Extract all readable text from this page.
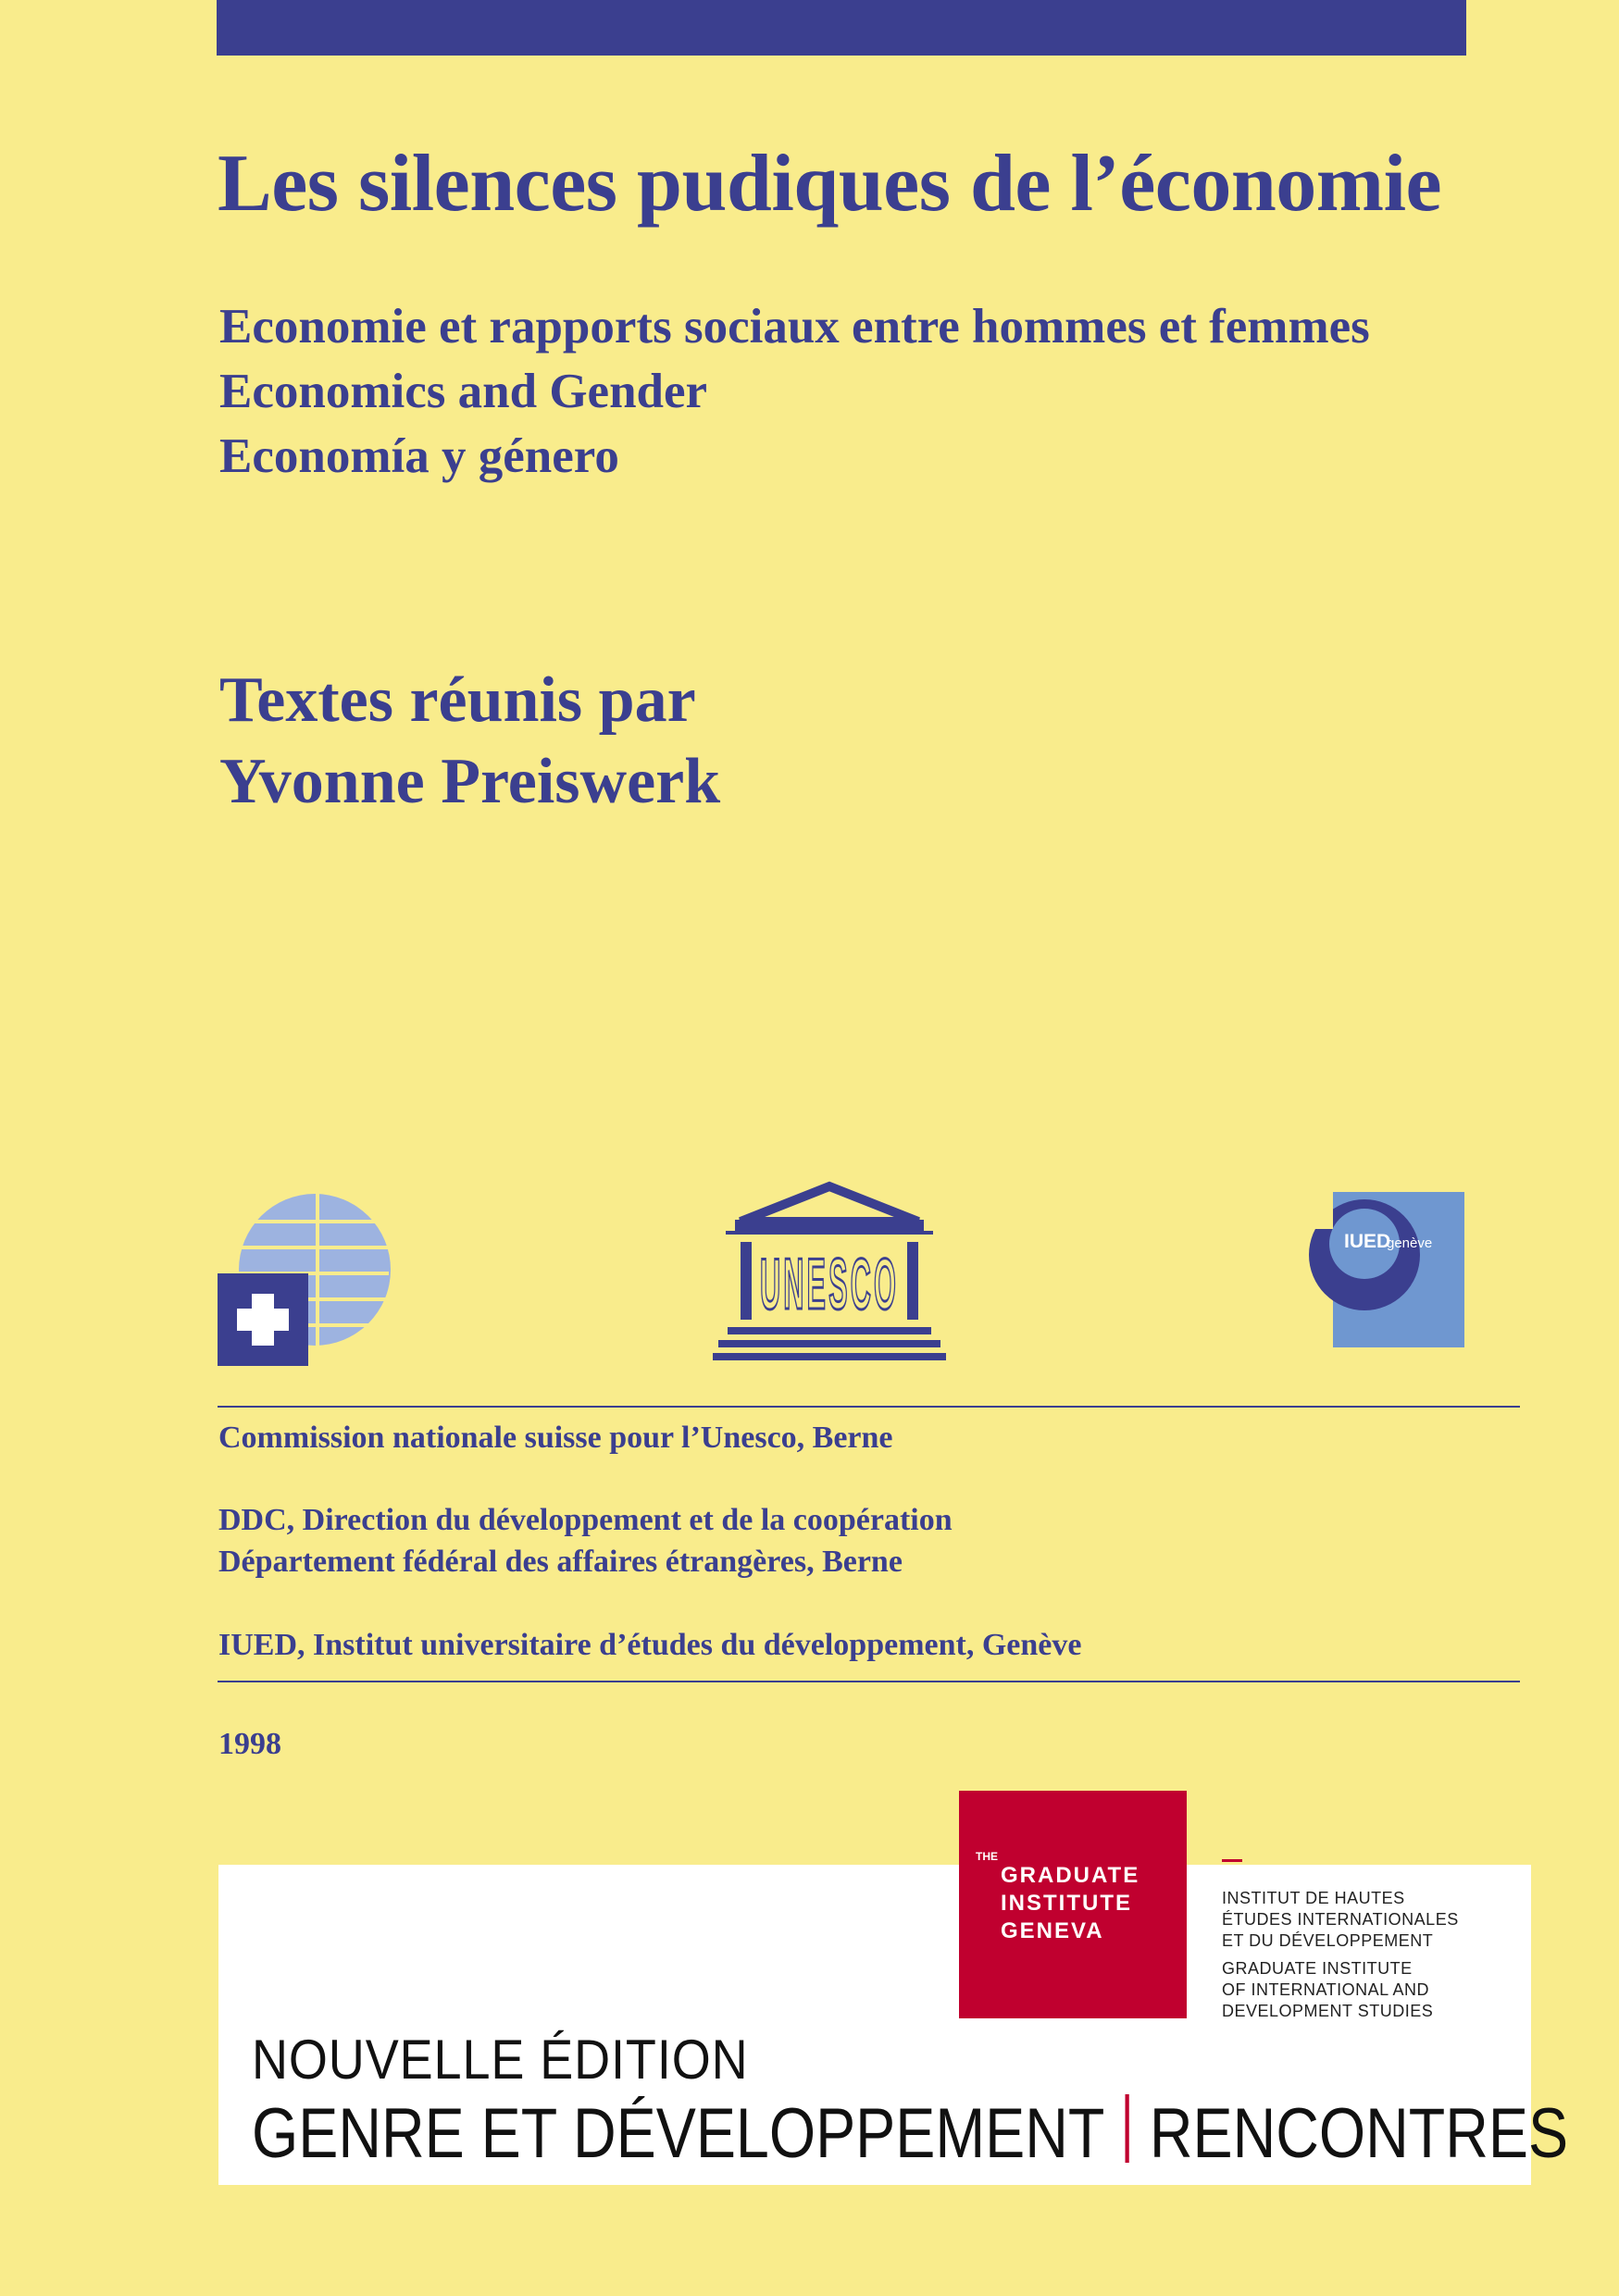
Les silences pudiques de l’économie
Economie et rapports sociaux entre hommes et femmes
Economics and Gender
Economía y género
Textes réunis par
Yvonne Preiswerk
UNESCO
IUED
genève
Commission nationale suisse pour l’Unesco, Berne
DDC, Direction du développement et de la coopération
Département fédéral des affaires étrangères, Berne
IUED, Institut universitaire d’études du développement, Genève
1998
THE
GRADUATE
INSTITUTE
GENEVA
INSTITUT DE HAUTES
ÉTUDES INTERNATIONALES
ET DU DÉVELOPPEMENT
GRADUATE INSTITUTE
OF INTERNATIONAL AND
DEVELOPMENT STUDIES
NOUVELLE ÉDITION
GENRE ET DÉVELOPPEMENT RENCONTRES
